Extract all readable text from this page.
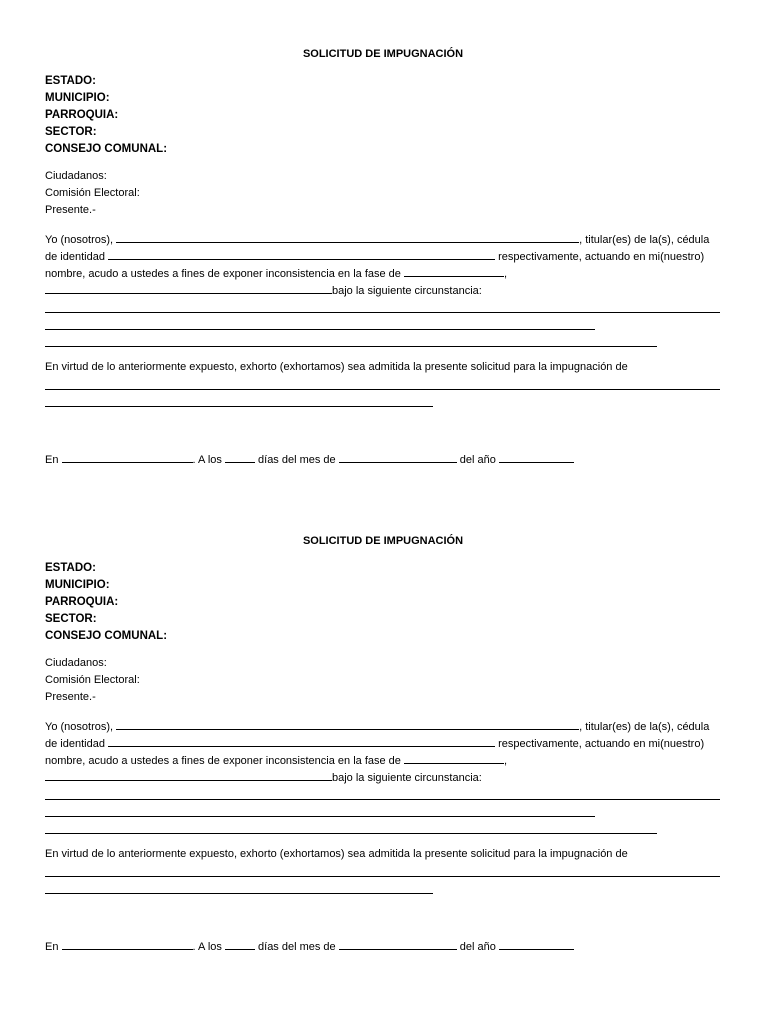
SOLICITUD DE IMPUGNACIÓN
ESTADO:
MUNICIPIO:
PARROQUIA:
SECTOR:
CONSEJO COMUNAL:
Ciudadanos:
Comisión Electoral:
Presente.-
Yo (nosotros),	, titular(es) de la(s), cédula
de identidad	respectivamente, actuando en mi(nuestro)
nombre, acudo a ustedes a fines de exponer inconsistencia en la fase de	,
bajo la siguiente circunstancia:
En virtud de lo anteriormente expuesto, exhorto (exhortamos) sea admitida la presente solicitud para la impugnación de
En	. A los	días del mes de	del año
SOLICITUD DE IMPUGNACIÓN
ESTADO:
MUNICIPIO:
PARROQUIA:
SECTOR:
CONSEJO COMUNAL:
Ciudadanos:
Comisión Electoral:
Presente.-
Yo (nosotros),	, titular(es) de la(s), cédula
de identidad	respectivamente, actuando en mi(nuestro)
nombre, acudo a ustedes a fines de exponer inconsistencia en la fase de	,
bajo la siguiente circunstancia:
En virtud de lo anteriormente expuesto, exhorto (exhortamos) sea admitida la presente solicitud para la impugnación de
En	. A los	días del mes de	del año
